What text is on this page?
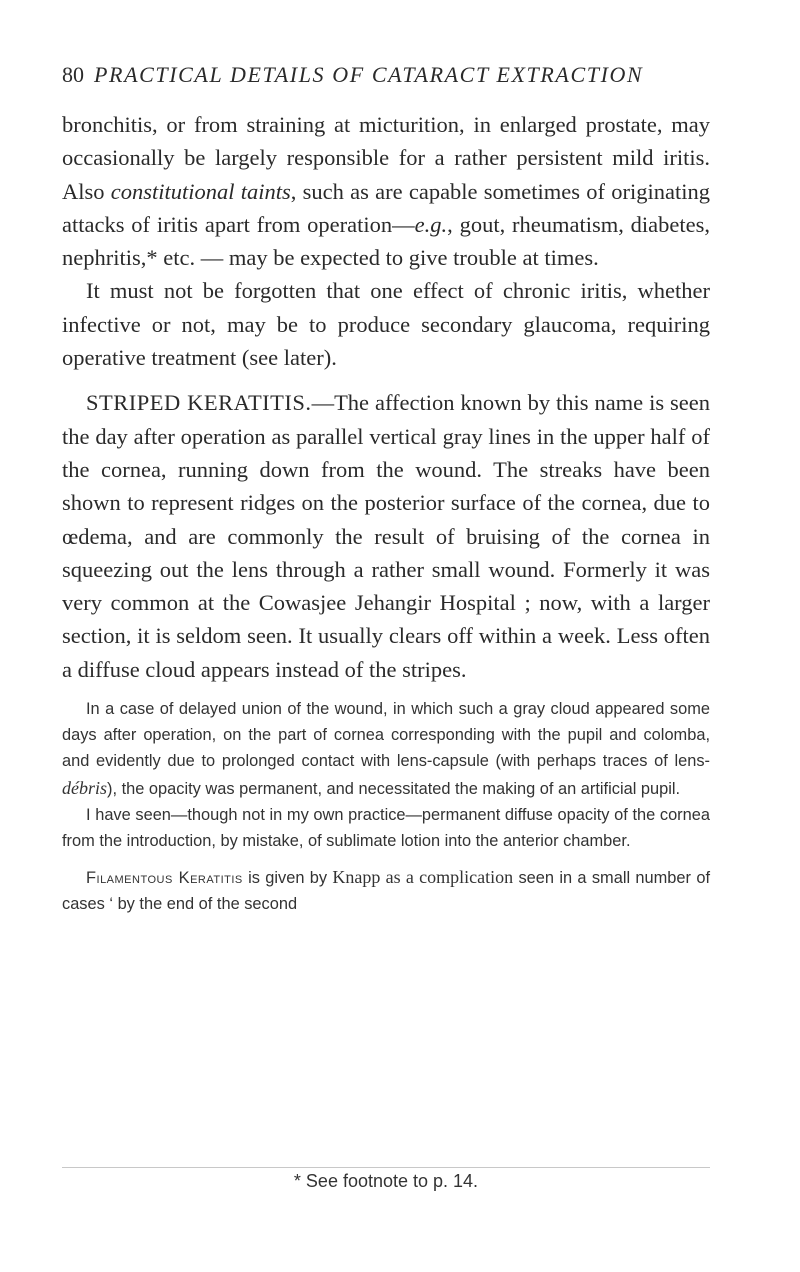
80 PRACTICAL DETAILS OF CATARACT EXTRACTION

bronchitis, or from straining at micturition, in enlarged prostate, may occasionally be largely responsible for a rather persistent mild iritis. Also constitutional taints, such as are capable sometimes of originating attacks of iritis apart from operation—e.g., gout, rheumatism, diabetes, nephritis,* etc. — may be expected to give trouble at times.

It must not be forgotten that one effect of chronic iritis, whether infective or not, may be to produce secondary glaucoma, requiring operative treatment (see later).

STRIPED KERATITIS.—The affection known by this name is seen the day after operation as parallel vertical gray lines in the upper half of the cornea, running down from the wound. The streaks have been shown to represent ridges on the posterior surface of the cornea, due to œdema, and are commonly the result of bruising of the cornea in squeezing out the lens through a rather small wound. Formerly it was very common at the Cowasjee Jehangir Hospital ; now, with a larger section, it is seldom seen. It usually clears off within a week. Less often a diffuse cloud appears instead of the stripes.

In a case of delayed union of the wound, in which such a gray cloud appeared some days after operation, on the part of cornea corresponding with the pupil and colomba, and evidently due to prolonged contact with lens-capsule (with perhaps traces of lens-débris), the opacity was permanent, and necessitated the making of an artificial pupil.

I have seen—though not in my own practice—permanent diffuse opacity of the cornea from the introduction, by mistake, of sublimate lotion into the anterior chamber.

Filamentous Keratitis is given by Knapp as a complication seen in a small number of cases ‘ by the end of the second

* See footnote to p. 14.
